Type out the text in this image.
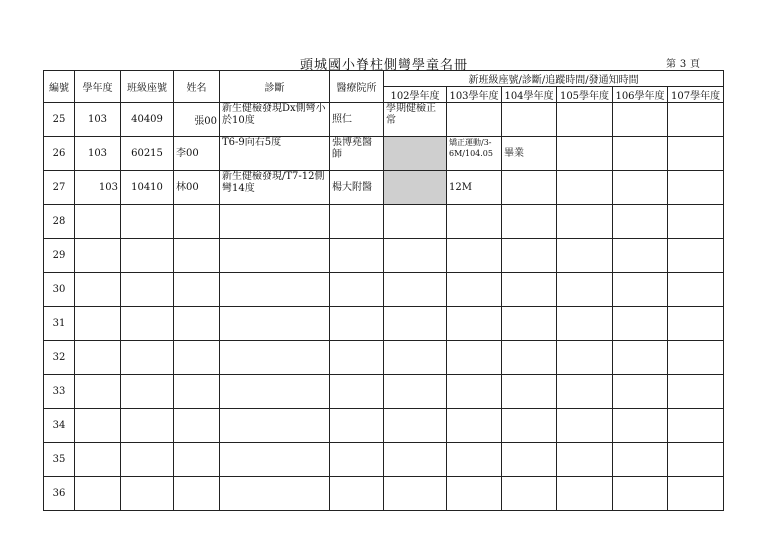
頭城國小脊柱側彎學童名冊	第 3 頁
編號	學年度	班級座號	姓名	診斷	醫療院所	新班級座號/診斷/追蹤時間/發通知時間					
						102學年度	103學年度	104學年度	105學年度	106學年度	107學年度
25	103	40409	張00	新生健檢發現Dx側彎小於10度	照仁	學期健檢正常					
26	103	60215	李00	T6-9向右5度	張博堯醫師		矯正運動/3-6M/104.05	畢業			
27	103	10410	林00	新生健檢發現/T7-12側彎14度	楊大附醫		12M				
28											
29											
30											
31											
32											
33											
34											
35											
36											
